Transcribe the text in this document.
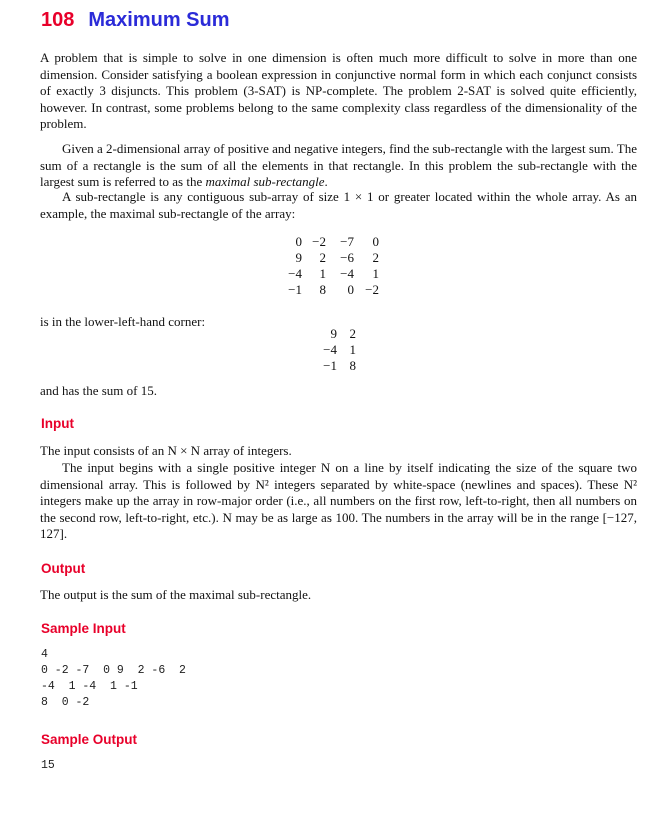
108 Maximum Sum
A problem that is simple to solve in one dimension is often much more difficult to solve in more than one dimension. Consider satisfying a boolean expression in conjunctive normal form in which each conjunct consists of exactly 3 disjuncts. This problem (3-SAT) is NP-complete. The problem 2-SAT is solved quite efficiently, however. In contrast, some problems belong to the same complexity class regardless of the dimensionality of the problem.
Given a 2-dimensional array of positive and negative integers, find the sub-rectangle with the largest sum. The sum of a rectangle is the sum of all the elements in that rectangle. In this problem the sub-rectangle with the largest sum is referred to as the maximal sub-rectangle.
A sub-rectangle is any contiguous sub-array of size 1 × 1 or greater located within the whole array. As an example, the maximal sub-rectangle of the array:
0	−2	−7	0
9	2	−6	2
−4	1	−4	1
−1	8	0	−2
is in the lower-left-hand corner:
9	2
−4	1
−1	8
and has the sum of 15.
Input
The input consists of an N × N array of integers.
The input begins with a single positive integer N on a line by itself indicating the size of the square two dimensional array. This is followed by N² integers separated by white-space (newlines and spaces). These N² integers make up the array in row-major order (i.e., all numbers on the first row, left-to-right, then all numbers on the second row, left-to-right, etc.). N may be as large as 100. The numbers in the array will be in the range [−127, 127].
Output
The output is the sum of the maximal sub-rectangle.
Sample Input
4
0 -2 -7  0 9  2 -6  2
-4  1 -4  1 -1
8  0 -2
Sample Output
15
